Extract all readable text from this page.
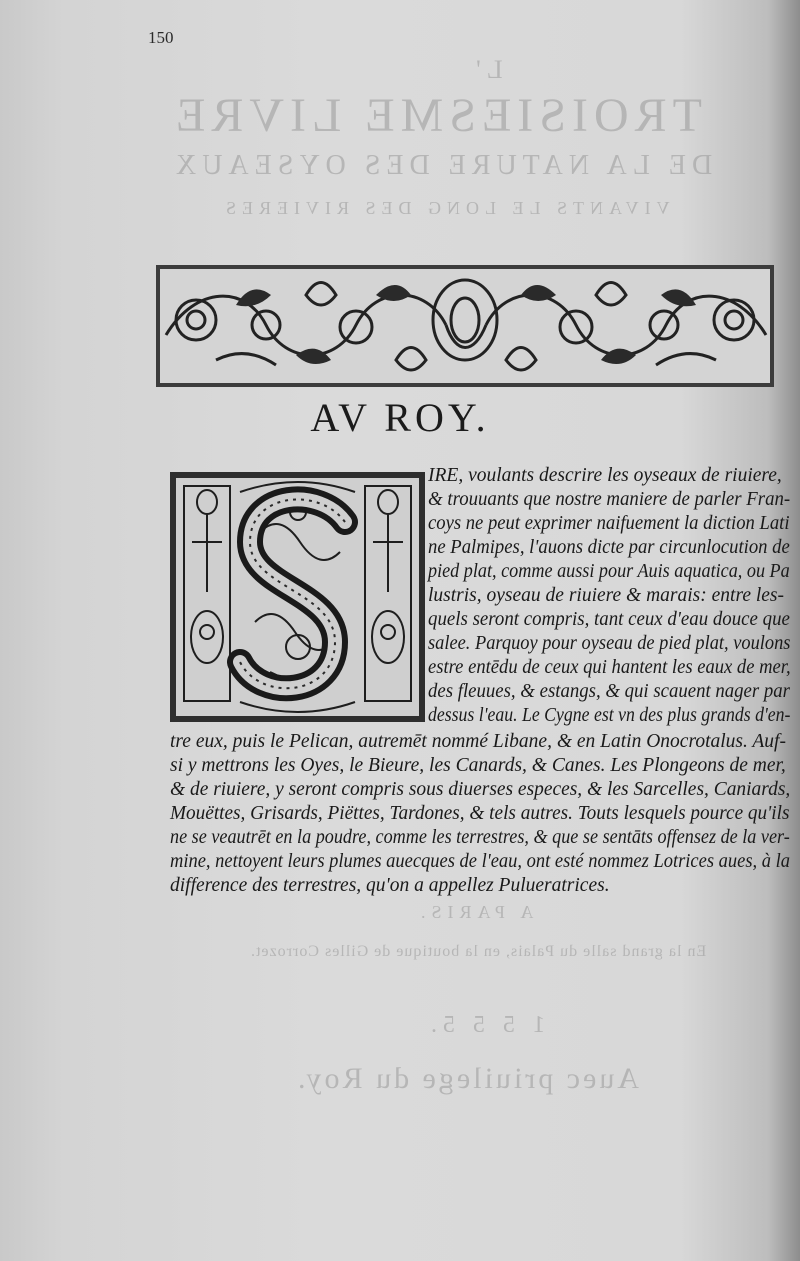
L'
TROISIESME LIVRE
DE LA NATURE DES OYSEAUX
VIVANTS LE LONG DES RIVIERES
A PARIS.
En la grand salle du Palais, en la boutique de Gilles Corrozet.
1 5 5 5.
Auec priuilege du Roy.
150
AV ROY.
IRE, voulants descrire les oyseaux de riuiere,
& trouuants que nostre maniere de parler Fran-
coys ne peut exprimer naifuement la diction Lati
ne Palmipes, l'auons dicte par circunlocution de
pied plat, comme aussi pour Auis aquatica, ou Pa
lustris, oyseau de riuiere & marais: entre les-
quels seront compris, tant ceux d'eau douce que
salee. Parquoy pour oyseau de pied plat, voulons
estre entēdu de ceux qui hantent les eaux de mer,
des fleuues, & estangs, & qui scauent nager par
dessus l'eau. Le Cygne est vn des plus grands d'en-
tre eux, puis le Pelican, autremēt nommé Libane, & en Latin Onocrotalus. Auf-
si y mettrons les Oyes, le Bieure, les Canards, & Canes. Les Plongeons de mer,
& de riuiere, y seront compris sous diuerses especes, & les Sarcelles, Caniards,
Mouëttes, Grisards, Piëttes, Tardones, & tels autres. Touts lesquels pource qu'ils
ne se veautrēt en la poudre, comme les terrestres, & que se sentāts offensez de la ver-
mine, nettoyent leurs plumes auecques de l'eau, ont esté nommez Lotrices aues, à la
difference des terrestres, qu'on a appellez Pulueratrices.
